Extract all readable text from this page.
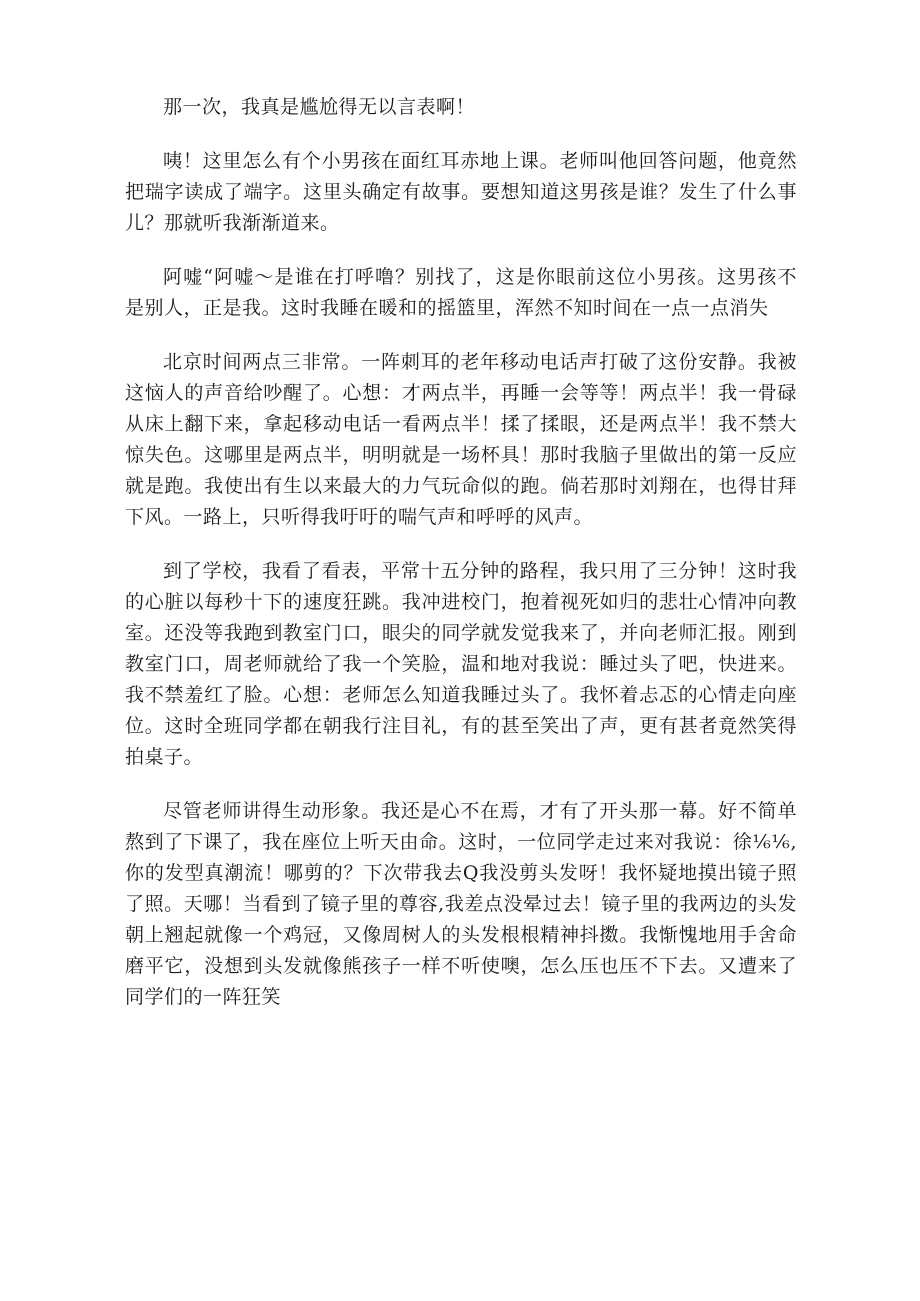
那一次，我真是尴尬得无以言表啊！

咦！这里怎么有个小男孩在面红耳赤地上课。老师叫他回答问题，他竟然把瑞字读成了端字。这里头确定有故事。要想知道这男孩是谁？发生了什么事儿？那就听我渐渐道来。

阿嘘“阿嘘～是谁在打呼噜？别找了，这是你眼前这位小男孩。这男孩不是别人，正是我。这时我睡在暖和的摇篮里，浑然不知时间在一点一点消失

北京时间两点三非常。一阵刺耳的老年移动电话声打破了这份安静。我被这恼人的声音给吵醒了。心想：才两点半，再睡一会等等！两点半！我一骨碌从床上翻下来，拿起移动电话一看两点半！揉了揉眼，还是两点半！我不禁大惊失色。这哪里是两点半，明明就是一场杯具！那时我脑子里做出的第一反应就是跑。我使出有生以来最大的力气玩命似的跑。倘若那时刘翔在，也得甘拜下风。一路上，只听得我吁吁的喘气声和呼呼的风声。

到了学校，我看了看表，平常十五分钟的路程，我只用了三分钟！这时我的心脏以每秒十下的速度狂跳。我冲进校门，抱着视死如归的悲壮心情冲向教室。还没等我跑到教室门口，眼尖的同学就发觉我来了，并向老师汇报。刚到教室门口，周老师就给了我一个笑脸，温和地对我说：睡过头了吧，快进来。我不禁羞红了脸。心想：老师怎么知道我睡过头了。我怀着忐忑的心情走向座位。这时全班同学都在朝我行注目礼，有的甚至笑出了声，更有甚者竟然笑得拍桌子。

尽管老师讲得生动形象。我还是心不在焉，才有了开头那一幕。好不简单熬到了下课了，我在座位上听天由命。这时，一位同学走过来对我说：徐⅙⅙,你的发型真潮流！哪剪的？下次带我去Q我没剪头发呀！我怀疑地摸出镜子照了照。天哪！当看到了镜子里的尊容,我差点没晕过去！镜子里的我两边的头发朝上翘起就像一个鸡冠，又像周树人的头发根根精神抖擞。我惭愧地用手舍命磨平它，没想到头发就像熊孩子一样不听使噢，怎么压也压不下去。又遭来了同学们的一阵狂笑
